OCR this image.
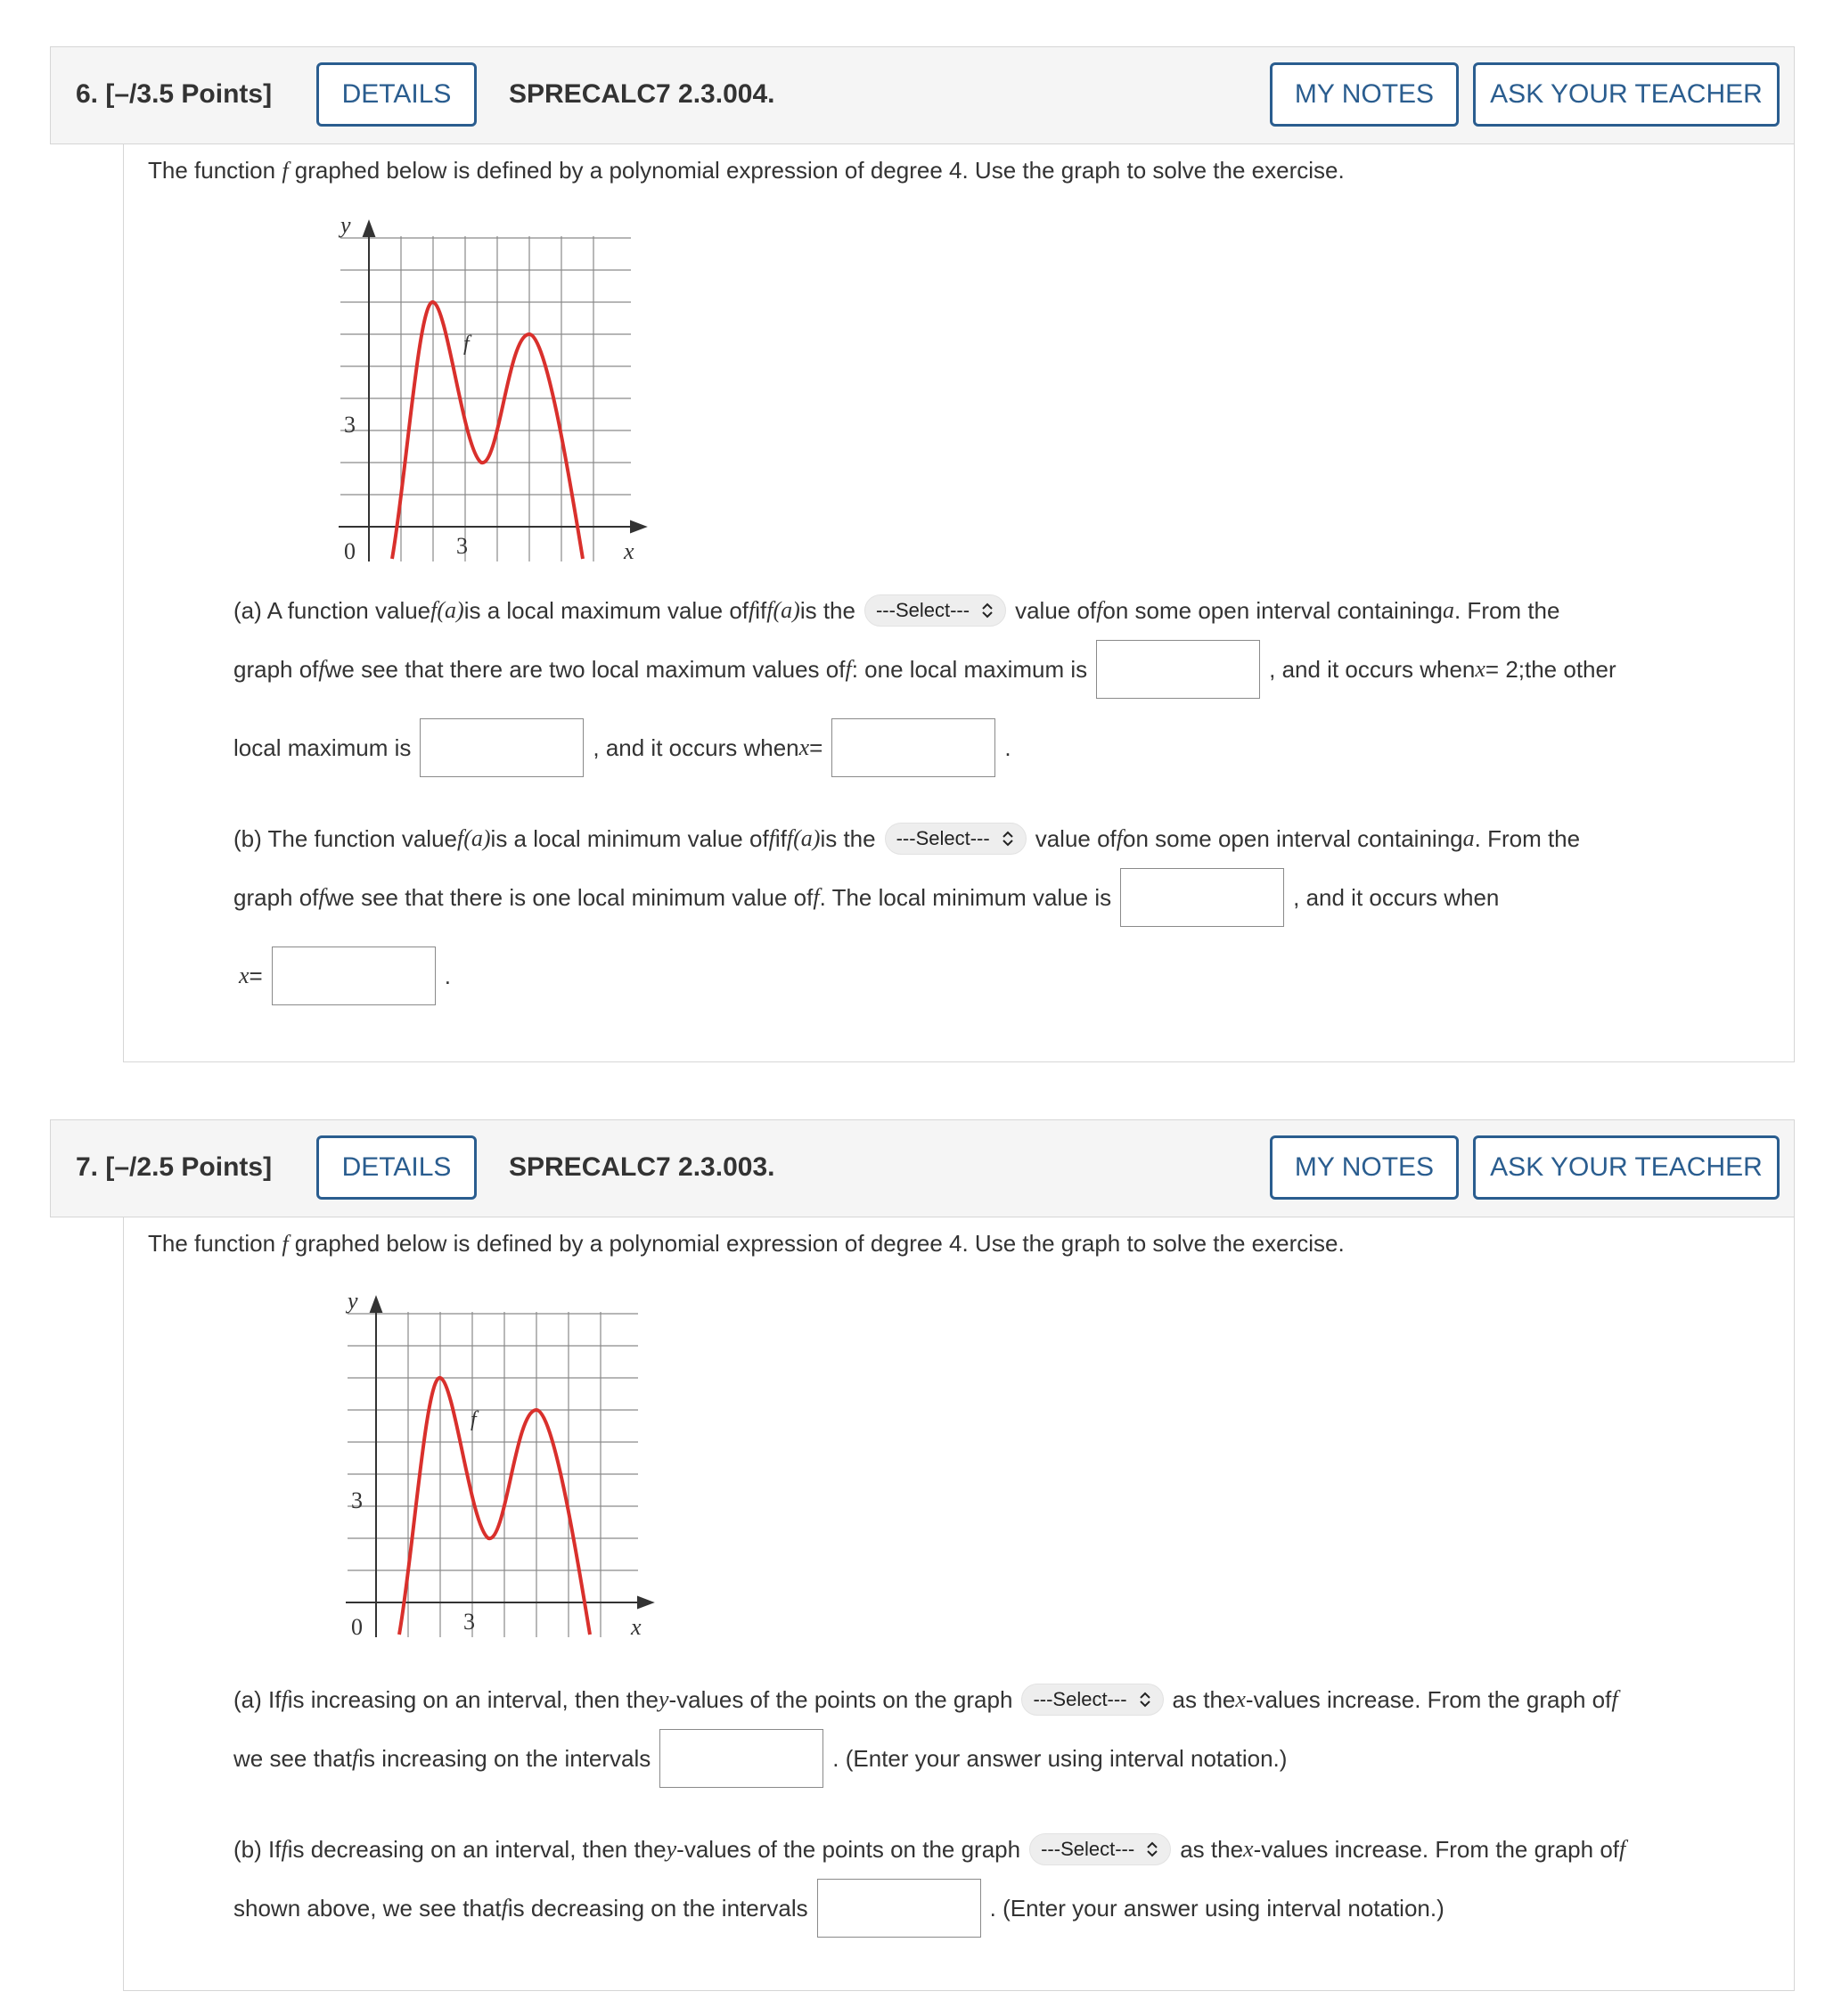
6. [–/3.5 Points]	DETAILS	SPRECALC7 2.3.004.	MY NOTES	ASK YOUR TEACHER
The function f graphed below is defined by a polynomial expression of degree 4. Use the graph to solve the exercise.
y
x
3
3
0
f
(a) A function value f(a) is a local maximum value of f if f(a) is the ---Select--- value of f on some open interval containing a . From the
graph of f we see that there are two local maximum values of f : one local maximum is	, and it occurs when x = 2; the other
local maximum is	, and it occurs when x =	.
(b) The function value f(a) is a local minimum value of f if f(a) is the ---Select--- value of f on some open interval containing a . From the
graph of f we see that there is one local minimum value of f . The local minimum value is	, and it occurs when
x =	.
7. [–/2.5 Points]	DETAILS	SPRECALC7 2.3.003.	MY NOTES	ASK YOUR TEACHER
The function f graphed below is defined by a polynomial expression of degree 4. Use the graph to solve the exercise.
y
x
3
3
0
f
(a) If f is increasing on an interval, then the y -values of the points on the graph ---Select--- as the x -values increase. From the graph of f
we see that f is increasing on the intervals	. (Enter your answer using interval notation.)
(b) If f is decreasing on an interval, then the y -values of the points on the graph ---Select--- as the x -values increase. From the graph of f
shown above, we see that f is decreasing on the intervals	. (Enter your answer using interval notation.)
